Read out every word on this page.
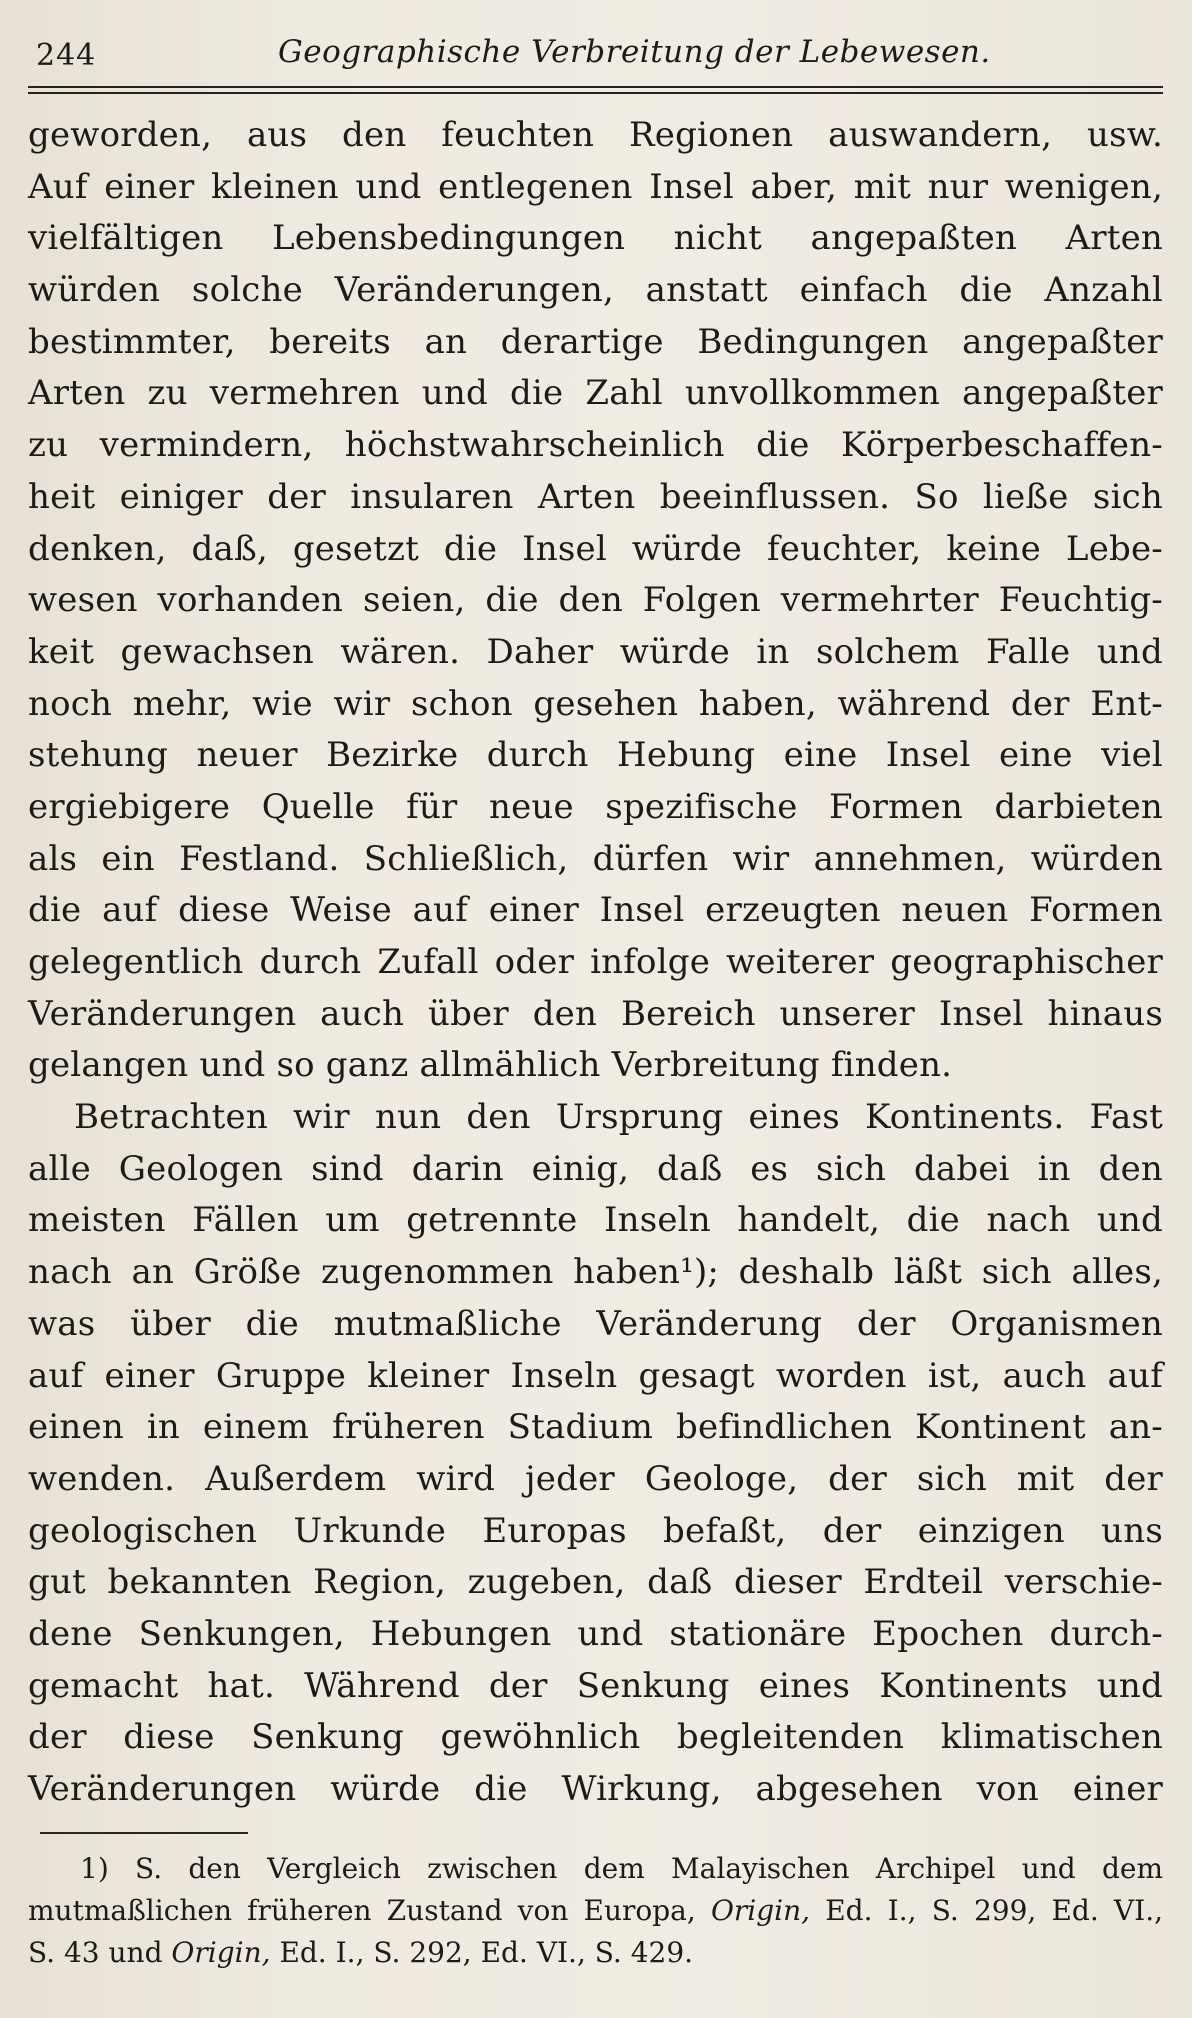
244	Geographische Verbreitung der Lebewesen.
geworden, aus den feuchten Regionen auswandern, usw.
Auf einer kleinen und entlegenen Insel aber, mit nur wenigen,
vielfältigen Lebensbedingungen nicht angepaßten Arten
würden solche Veränderungen, anstatt einfach die Anzahl
bestimmter, bereits an derartige Bedingungen angepaßter
Arten zu vermehren und die Zahl unvollkommen angepaßter
zu vermindern, höchstwahrscheinlich die Körperbeschaffen-
heit einiger der insularen Arten beeinflussen. So ließe sich
denken, daß, gesetzt die Insel würde feuchter, keine Lebe-
wesen vorhanden seien, die den Folgen vermehrter Feuchtig-
keit gewachsen wären. Daher würde in solchem Falle und
noch mehr, wie wir schon gesehen haben, während der Ent-
stehung neuer Bezirke durch Hebung eine Insel eine viel
ergiebigere Quelle für neue spezifische Formen darbieten
als ein Festland. Schließlich, dürfen wir annehmen, würden
die auf diese Weise auf einer Insel erzeugten neuen Formen
gelegentlich durch Zufall oder infolge weiterer geographischer
Veränderungen auch über den Bereich unserer Insel hinaus
gelangen und so ganz allmählich Verbreitung finden.
Betrachten wir nun den Ursprung eines Kontinents. Fast
alle Geologen sind darin einig, daß es sich dabei in den
meisten Fällen um getrennte Inseln handelt, die nach und
nach an Größe zugenommen haben¹); deshalb läßt sich alles,
was über die mutmaßliche Veränderung der Organismen
auf einer Gruppe kleiner Inseln gesagt worden ist, auch auf
einen in einem früheren Stadium befindlichen Kontinent an-
wenden. Außerdem wird jeder Geologe, der sich mit der
geologischen Urkunde Europas befaßt, der einzigen uns
gut bekannten Region, zugeben, daß dieser Erdteil verschie-
dene Senkungen, Hebungen und stationäre Epochen durch-
gemacht hat. Während der Senkung eines Kontinents und
der diese Senkung gewöhnlich begleitenden klimatischen
Veränderungen würde die Wirkung, abgesehen von einer
1) S. den Vergleich zwischen dem Malayischen Archipel und dem
mutmaßlichen früheren Zustand von Europa, Origin, Ed. I., S. 299, Ed. VI.,
S. 43 und Origin, Ed. I., S. 292, Ed. VI., S. 429.
